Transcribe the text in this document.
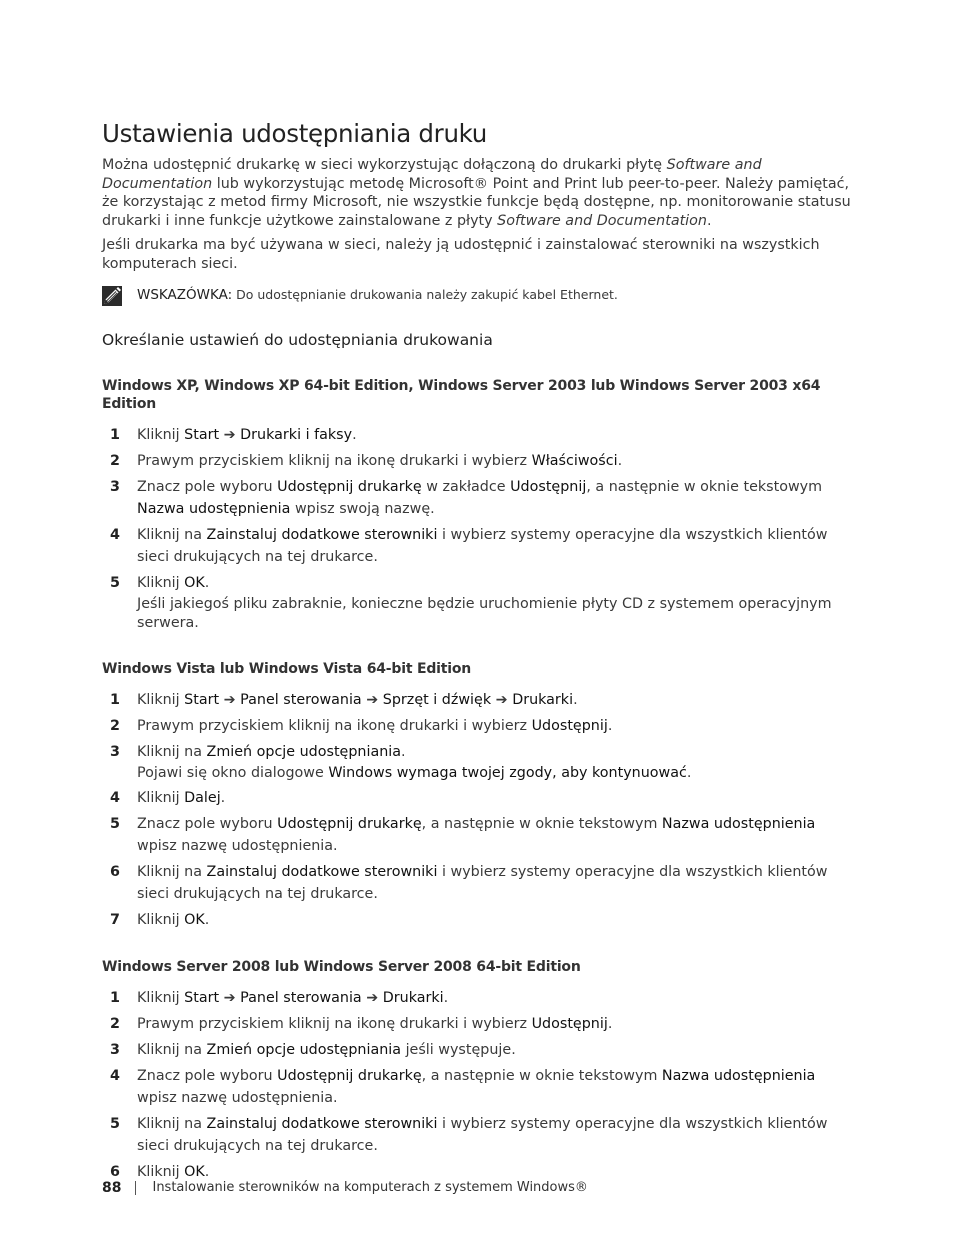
Ustawienia udostępniania druku

Można udostępnić drukarkę w sieci wykorzystując dołączoną do drukarki płytę Software and Documentation lub wykorzystując metodę Microsoft® Point and Print lub peer-to-peer. Należy pamiętać, że korzystając z metod firmy Microsoft, nie wszystkie funkcje będą dostępne, np. monitorowanie statusu drukarki i inne funkcje użytkowe zainstalowane z płyty Software and Documentation.

Jeśli drukarka ma być używana w sieci, należy ją udostępnić i zainstalować sterowniki na wszystkich komputerach sieci.

WSKAZÓWKA: Do udostępnianie drukowania należy zakupić kabel Ethernet.
Określanie ustawień do udostępniania drukowania
Windows XP, Windows XP 64-bit Edition, Windows Server 2003 lub Windows Server 2003 x64 Edition
1 Kliknij Start ➔ Drukarki i faksy.
2 Prawym przyciskiem kliknij na ikonę drukarki i wybierz Właściwości.
3 Znacz pole wyboru Udostępnij drukarkę w zakładce Udostępnij, a następnie w oknie tekstowym Nazwa udostępnienia wpisz swoją nazwę.
4 Kliknij na Zainstaluj dodatkowe sterowniki i wybierz systemy operacyjne dla wszystkich klientów sieci drukujących na tej drukarce.
5 Kliknij OK.
Jeśli jakiegoś pliku zabraknie, konieczne będzie uruchomienie płyty CD z systemem operacyjnym serwera.
Windows Vista lub Windows Vista 64-bit Edition
1 Kliknij Start ➔ Panel sterowania ➔ Sprzęt i dźwięk ➔ Drukarki.
2 Prawym przyciskiem kliknij na ikonę drukarki i wybierz Udostępnij.
3 Kliknij na Zmień opcje udostępniania.
Pojawi się okno dialogowe Windows wymaga twojej zgody, aby kontynuować.
4 Kliknij Dalej.
5 Znacz pole wyboru Udostępnij drukarkę, a następnie w oknie tekstowym Nazwa udostępnienia wpisz nazwę udostępnienia.
6 Kliknij na Zainstaluj dodatkowe sterowniki i wybierz systemy operacyjne dla wszystkich klientów sieci drukujących na tej drukarce.
7 Kliknij OK.
Windows Server 2008 lub Windows Server 2008 64-bit Edition
1 Kliknij Start ➔ Panel sterowania ➔ Drukarki.
2 Prawym przyciskiem kliknij na ikonę drukarki i wybierz Udostępnij.
3 Kliknij na Zmień opcje udostępniania jeśli występuje.
4 Znacz pole wyboru Udostępnij drukarkę, a następnie w oknie tekstowym Nazwa udostępnienia wpisz nazwę udostępnienia.
5 Kliknij na Zainstaluj dodatkowe sterowniki i wybierz systemy operacyjne dla wszystkich klientów sieci drukujących na tej drukarce.
6 Kliknij OK.
88 Instalowanie sterowników na komputerach z systemem Windows®
